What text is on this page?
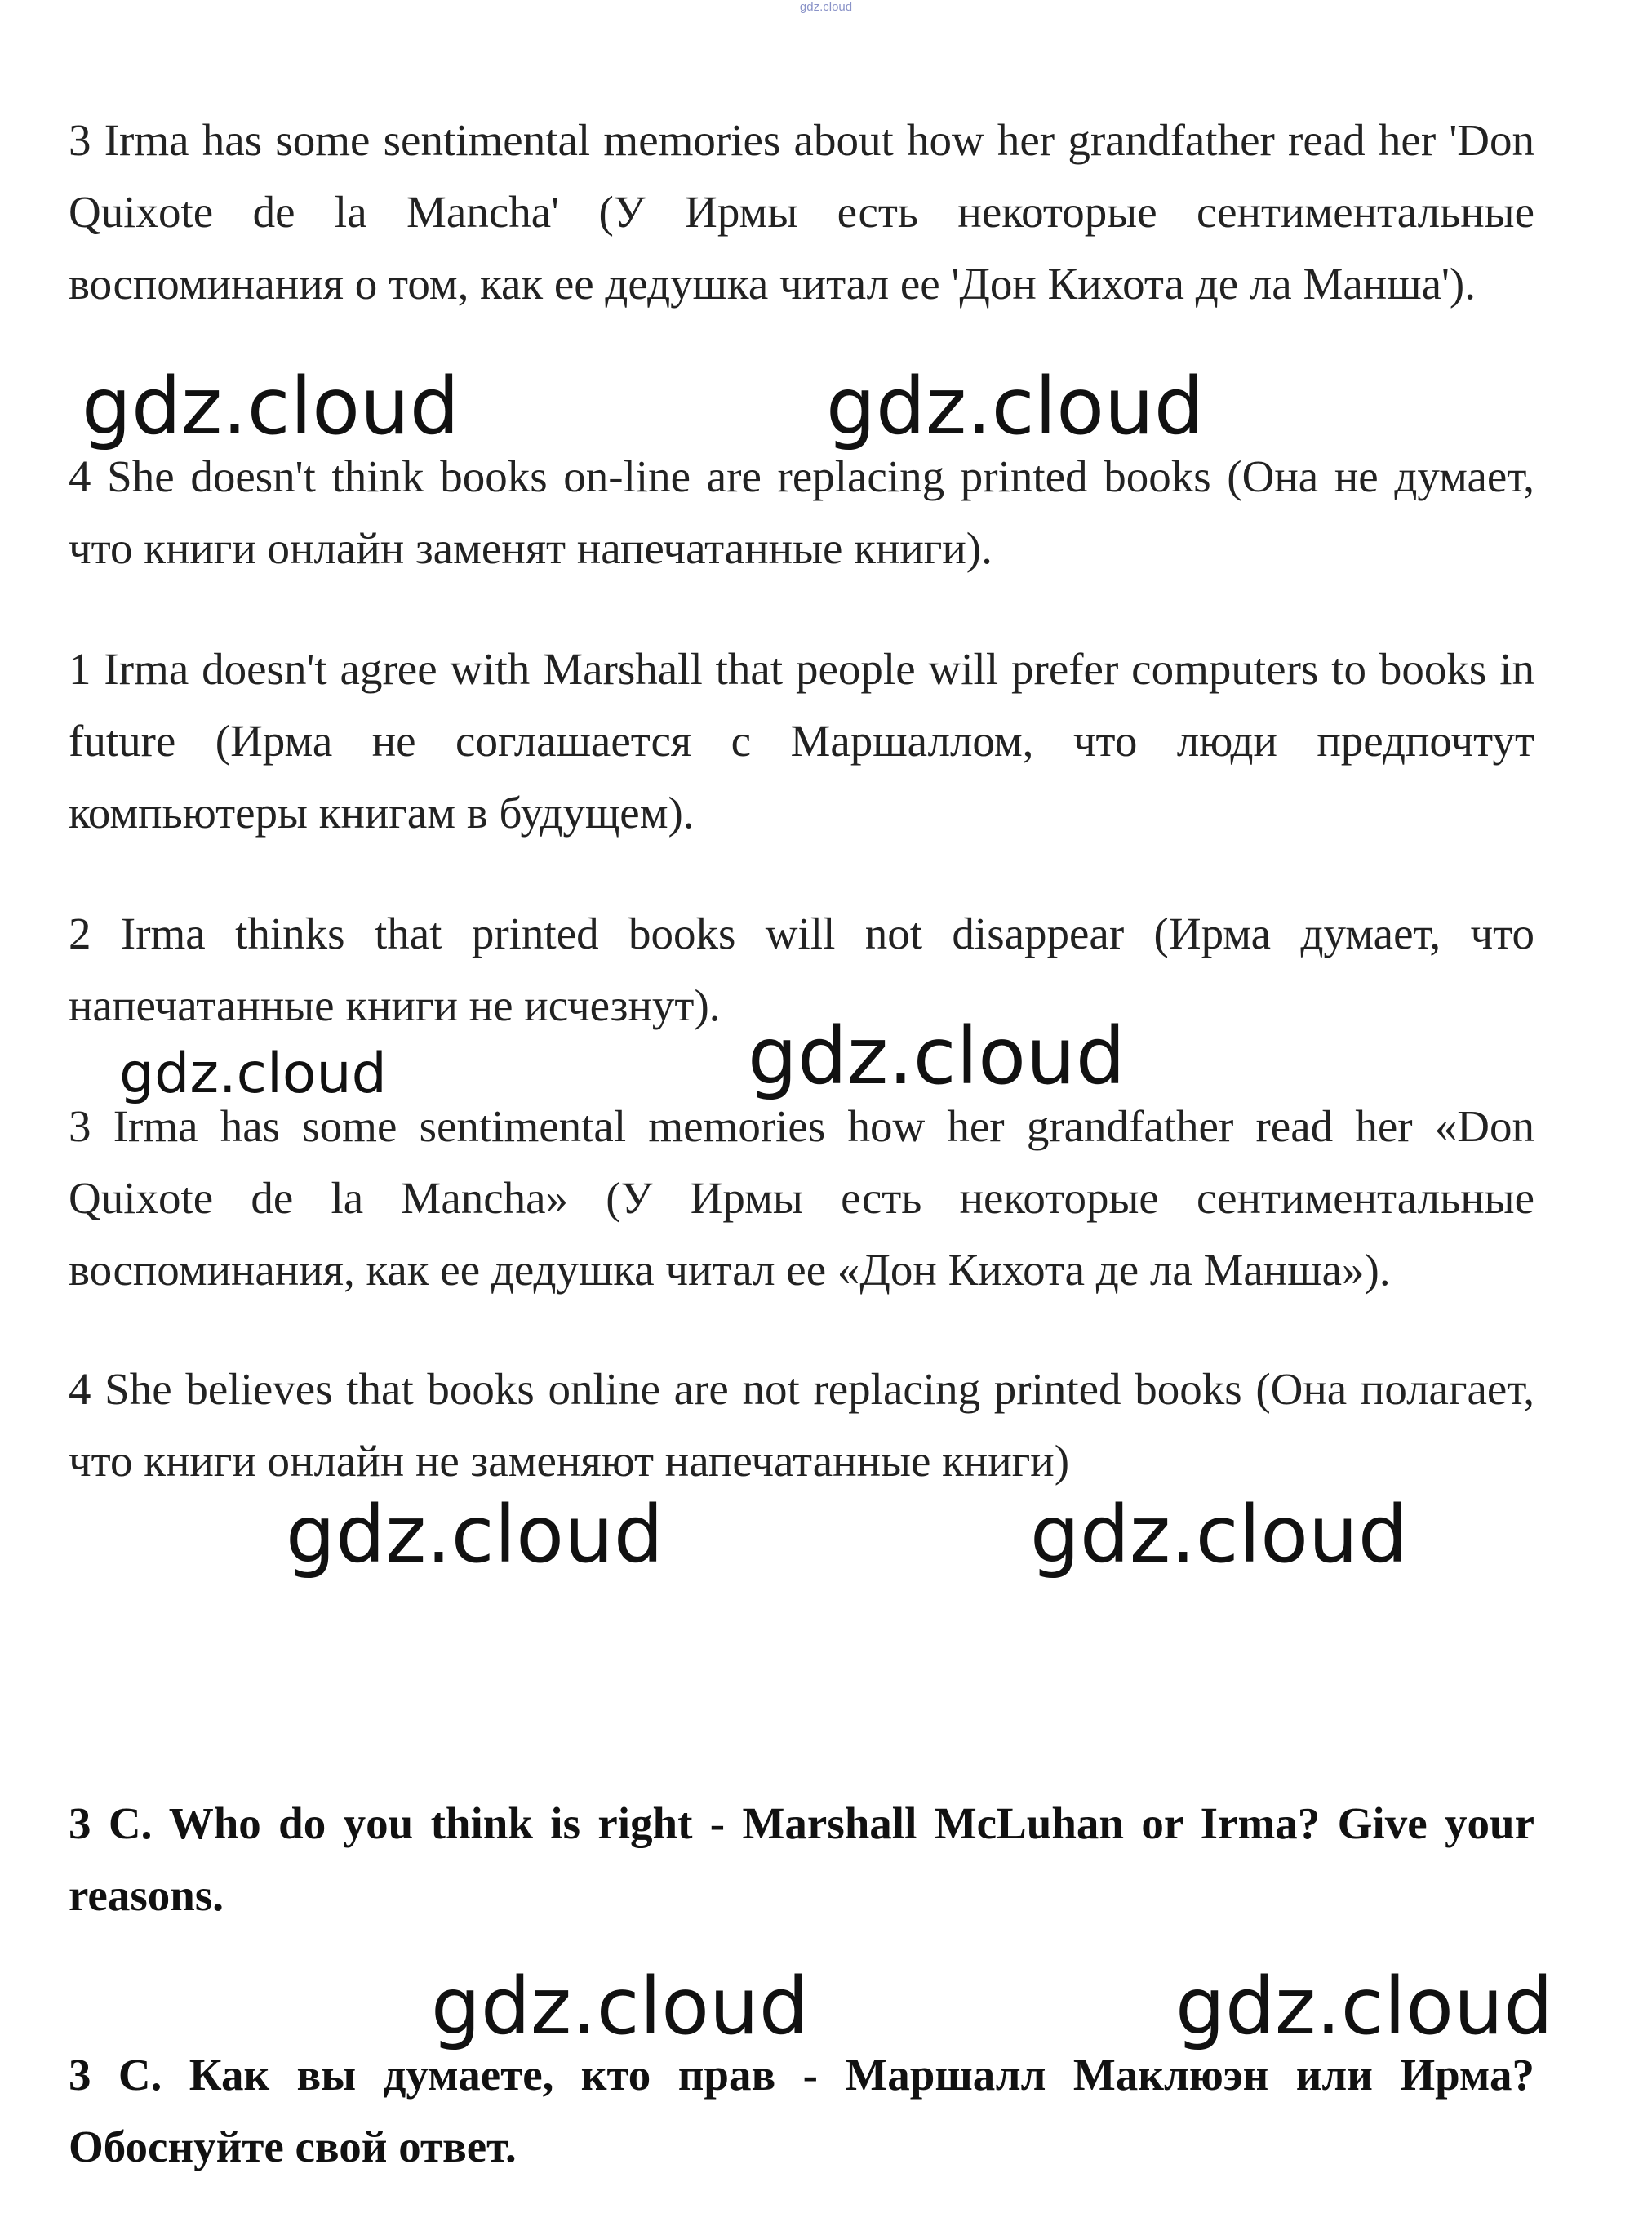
gdz.cloud

3 Irma has some sentimental memories about how her grandfather read her 'Don Quixote de la Mancha' (У Ирмы есть некоторые сентиментальные воспоминания о том, как ее дедушка читал ее 'Дон Кихота де ла Манша').

gdz.cloud	gdz.cloud

4 She doesn't think books on-line are replacing printed books (Она не думает, что книги онлайн заменят напечатанные книги).

1 Irma doesn't agree with Marshall that people will prefer computers to books in future (Ирма не соглашается с Маршаллом, что люди предпочтут компьютеры книгам в будущем).

2 Irma thinks that printed books will not disappear (Ирма думает, что напечатанные книги не исчезнут).

gdz.cloud	gdz.cloud

3 Irma has some sentimental memories how her grandfather read her «Don Quixote de la Mancha» (У Ирмы есть некоторые сентиментальные воспоминания, как ее дедушка читал ее «Дон Кихота де ла Манша»).

4 She believes that books online are not replacing printed books (Она полагает, что книги онлайн не заменяют напечатанные книги)

gdz.cloud	gdz.cloud

3 C. Who do you think is right - Marshall McLuhan or Irma? Give your reasons.

gdz.cloud	gdz.cloud

3 C. Как вы думаете, кто прав - Маршалл Маклюэн или Ирма? Обоснуйте свой ответ.
